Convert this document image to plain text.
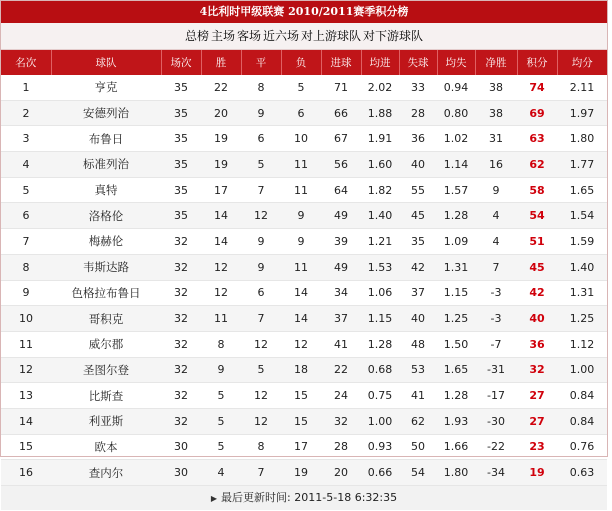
4比利时甲级联赛 2010/2011赛季积分榜
总榜 主场 客场 近六场 对上游球队 对下游球队
名次	球队	场次	胜	平	负	进球	均进	失球	均失	净胜	积分	均分
1	亨克	35	22	8	5	71	2.02	33	0.94	38	74	2.11
2	安德列治	35	20	9	6	66	1.88	28	0.80	38	69	1.97
3	布鲁日	35	19	6	10	67	1.91	36	1.02	31	63	1.80
4	标准列治	35	19	5	11	56	1.60	40	1.14	16	62	1.77
5	真特	35	17	7	11	64	1.82	55	1.57	9	58	1.65
6	洛格伦	35	14	12	9	49	1.40	45	1.28	4	54	1.54
7	梅赫伦	32	14	9	9	39	1.21	35	1.09	4	51	1.59
8	韦斯达路	32	12	9	11	49	1.53	42	1.31	7	45	1.40
9	色格拉布鲁日	32	12	6	14	34	1.06	37	1.15	-3	42	1.31
10	哥积克	32	11	7	14	37	1.15	40	1.25	-3	40	1.25
11	威尔郡	32	8	12	12	41	1.28	48	1.50	-7	36	1.12
12	圣图尔登	32	9	5	18	22	0.68	53	1.65	-31	32	1.00
13	比斯查	32	5	12	15	24	0.75	41	1.28	-17	27	0.84
14	利亚斯	32	5	12	15	32	1.00	62	1.93	-30	27	0.84
15	欧本	30	5	8	17	28	0.93	50	1.66	-22	23	0.76
16	查内尔	30	4	7	19	20	0.66	54	1.80	-34	19	0.63
▶ 最后更新时间: 2011-5-18 6:32:35
